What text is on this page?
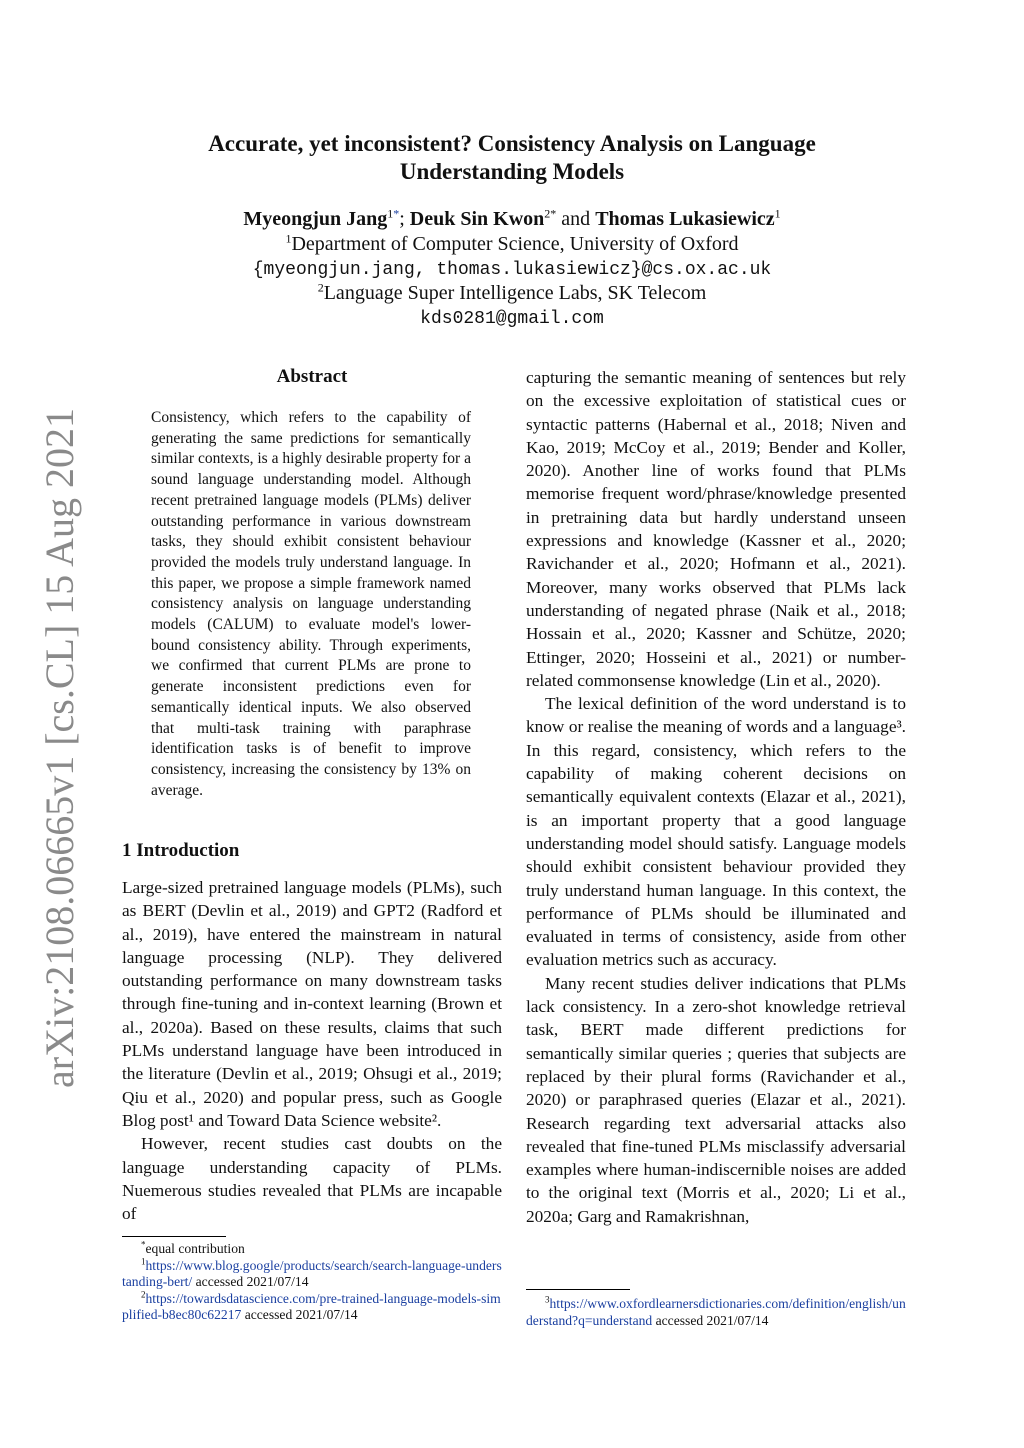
arXiv:2108.06665v1 [cs.CL] 15 Aug 2021
Accurate, yet inconsistent? Consistency Analysis on Language Understanding Models
Myeongjun Jang$^{1*}$; Deuk Sin Kwon$^{2*}$ and Thomas Lukasiewicz$^1$
$^1$Department of Computer Science, University of Oxford
{myeongjun.jang, thomas.lukasiewicz}@cs.ox.ac.uk
$^2$Language Super Intelligence Labs, SK Telecom
kds0281@gmail.com
Abstract
Consistency, which refers to the capability of generating the same predictions for semantically similar contexts, is a highly desirable property for a sound language understanding model. Although recent pretrained language models (PLMs) deliver outstanding performance in various downstream tasks, they should exhibit consistent behaviour provided the models truly understand language. In this paper, we propose a simple framework named consistency analysis on language understanding models (CALUM) to evaluate model's lower-bound consistency ability. Through experiments, we confirmed that current PLMs are prone to generate inconsistent predictions even for semantically identical inputs. We also observed that multi-task training with paraphrase identification tasks is of benefit to improve consistency, increasing the consistency by 13% on average.
1 Introduction

Large-sized pretrained language models (PLMs), such as BERT (Devlin et al., 2019) and GPT2 (Radford et al., 2019), have entered the mainstream in natural language processing (NLP). They delivered outstanding performance on many downstream tasks through fine-tuning and in-context learning (Brown et al., 2020a). Based on these results, claims that such PLMs understand language have been introduced in the literature (Devlin et al., 2019; Ohsugi et al., 2019; Qiu et al., 2020) and popular press, such as Google Blog post¹ and Toward Data Science website².

However, recent studies cast doubts on the language understanding capacity of PLMs. Nuemerous studies revealed that PLMs are incapable of

capturing the semantic meaning of sentences but rely on the excessive exploitation of statistical cues or syntactic patterns (Habernal et al., 2018; Niven and Kao, 2019; McCoy et al., 2019; Bender and Koller, 2020). Another line of works found that PLMs memorise frequent word/phrase/knowledge presented in pretraining data but hardly understand unseen expressions and knowledge (Kassner et al., 2020; Ravichander et al., 2020; Hofmann et al., 2021). Moreover, many works observed that PLMs lack understanding of negated phrase (Naik et al., 2018; Hossain et al., 2020; Kassner and Schütze, 2020; Ettinger, 2020; Hosseini et al., 2021) or number-related commonsense knowledge (Lin et al., 2020).

The lexical definition of the word understand is to know or realise the meaning of words and a language³. In this regard, consistency, which refers to the capability of making coherent decisions on semantically equivalent contexts (Elazar et al., 2021), is an important property that a good language understanding model should satisfy. Language models should exhibit consistent behaviour provided they truly understand human language. In this context, the performance of PLMs should be illuminated and evaluated in terms of consistency, aside from other evaluation metrics such as accuracy.

Many recent studies deliver indications that PLMs lack consistency. In a zero-shot knowledge retrieval task, BERT made different predictions for semantically similar queries ; queries that subjects are replaced by their plural forms (Ravichander et al., 2020) or paraphrased queries (Elazar et al., 2021). Research regarding text adversarial attacks also revealed that fine-tuned PLMs misclassify adversarial examples where human-indiscernible noises are added to the original text (Morris et al., 2020; Li et al., 2020a; Garg and Ramakrishnan,

*equal contribution
$^1$https://www.blog.google/products/search/search-language-understanding-bert/ accessed 2021/07/14
$^2$https://towardsdatascience.com/pre-trained-language-models-simplified-b8ec80c62217 accessed 2021/07/14
$^3$https://www.oxfordlearnersdictionaries.com/definition/english/understand?q=understand accessed 2021/07/14
